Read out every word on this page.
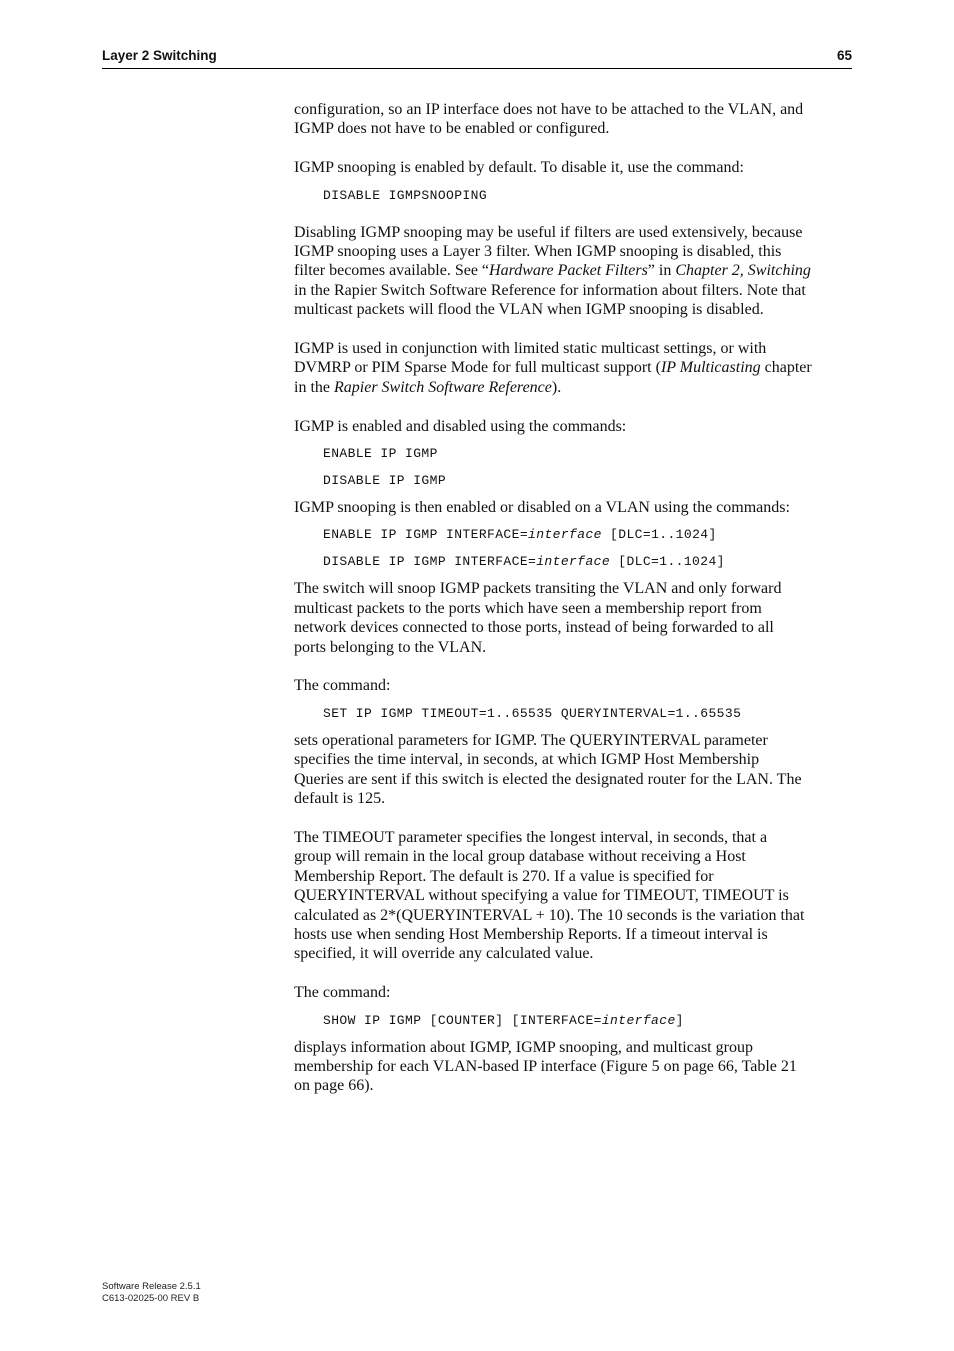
Layer 2 Switching	65

configuration, so an IP interface does not have to be attached to the VLAN, and
IGMP does not have to be enabled or configured.

IGMP snooping is enabled by default. To disable it, use the command:

DISABLE IGMPSNOOPING

Disabling IGMP snooping may be useful if filters are used extensively, because
IGMP snooping uses a Layer 3 filter. When IGMP snooping is disabled, this
filter becomes available. See “Hardware Packet Filters” in Chapter 2, Switching
in the Rapier Switch Software Reference for information about filters. Note that
multicast packets will flood the VLAN when IGMP snooping is disabled.

IGMP is used in conjunction with limited static multicast settings, or with
DVMRP or PIM Sparse Mode for full multicast support (IP Multicasting chapter
in the Rapier Switch Software Reference).

IGMP is enabled and disabled using the commands:

ENABLE IP IGMP

DISABLE IP IGMP

IGMP snooping is then enabled or disabled on a VLAN using the commands:

ENABLE IP IGMP INTERFACE=interface [DLC=1..1024]

DISABLE IP IGMP INTERFACE=interface [DLC=1..1024]

The switch will snoop IGMP packets transiting the VLAN and only forward
multicast packets to the ports which have seen a membership report from
network devices connected to those ports, instead of being forwarded to all
ports belonging to the VLAN.

The command:

SET IP IGMP TIMEOUT=1..65535 QUERYINTERVAL=1..65535

sets operational parameters for IGMP. The QUERYINTERVAL parameter
specifies the time interval, in seconds, at which IGMP Host Membership
Queries are sent if this switch is elected the designated router for the LAN. The
default is 125.

The TIMEOUT parameter specifies the longest interval, in seconds, that a
group will remain in the local group database without receiving a Host
Membership Report. The default is 270. If a value is specified for
QUERYINTERVAL without specifying a value for TIMEOUT, TIMEOUT is
calculated as 2*(QUERYINTERVAL + 10). The 10 seconds is the variation that
hosts use when sending Host Membership Reports. If a timeout interval is
specified, it will override any calculated value.

The command:

SHOW IP IGMP [COUNTER] [INTERFACE=interface]

displays information about IGMP, IGMP snooping, and multicast group
membership for each VLAN-based IP interface (Figure 5 on page 66, Table 21
on page 66).

Software Release 2.5.1
C613-02025-00 REV B
